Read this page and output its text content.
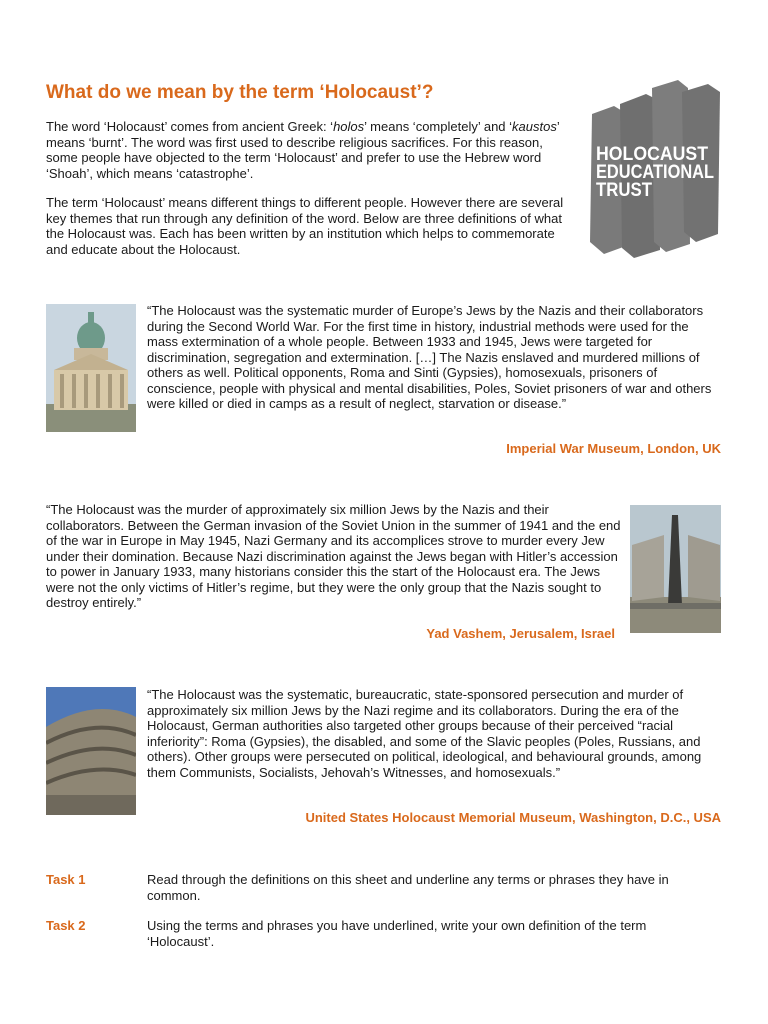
What do we mean by the term ‘Holocaust’?

The word ‘Holocaust’ comes from ancient Greek: ‘holos’ means ‘completely’ and ‘kaustos’ means ‘burnt’. The word was first used to describe religious sacrifices. For this reason, some people have objected to the term ‘Holocaust’ and prefer to use the Hebrew word ‘Shoah’, which means ‘catastrophe’.

The term ‘Holocaust’ means different things to different people. However there are several key themes that run through any definition of the word. Below are three definitions of what the Holocaust was. Each has been written by an institution which helps to commemorate and educate about the Holocaust.

HOLOCAUST
EDUCATIONAL
TRUST
“The Holocaust was the systematic murder of Europe’s Jews by the Nazis and their collaborators during the Second World War. For the first time in history, industrial methods were used for the mass extermination of a whole people. Between 1933 and 1945, Jews were targeted for discrimination, segregation and extermination. […] The Nazis enslaved and murdered millions of others as well. Political opponents, Roma and Sinti (Gypsies), homosexuals, prisoners of conscience, people with physical and mental disabilities, Poles, Soviet prisoners of war and others were killed or died in camps as a result of neglect, starvation or disease.”
Imperial War Museum, London, UK
“The Holocaust was the murder of approximately six million Jews by the Nazis and their collaborators. Between the German invasion of the Soviet Union in the summer of 1941 and the end of the war in Europe in May 1945, Nazi Germany and its accomplices strove to murder every Jew under their domination. Because Nazi discrimination against the Jews began with Hitler’s accession to power in January 1933, many historians consider this the start of the Holocaust era. The Jews were not the only victims of Hitler’s regime, but they were the only group that the Nazis sought to destroy entirely.”
Yad Vashem, Jerusalem, Israel
“The Holocaust was the systematic, bureaucratic, state-sponsored persecution and murder of approximately six million Jews by the Nazi regime and its collaborators. During the era of the Holocaust, German authorities also targeted other groups because of their perceived “racial inferiority”: Roma (Gypsies), the disabled, and some of the Slavic peoples (Poles, Russians, and others). Other groups were persecuted on political, ideological, and behavioural grounds, among them Communists, Socialists, Jehovah’s Witnesses, and homosexuals.”
United States Holocaust Memorial Museum, Washington, D.C., USA
Task 1	Read through the definitions on this sheet and underline any terms or phrases they have in common.
Task 2	Using the terms and phrases you have underlined, write your own definition of the term ‘Holocaust’.
